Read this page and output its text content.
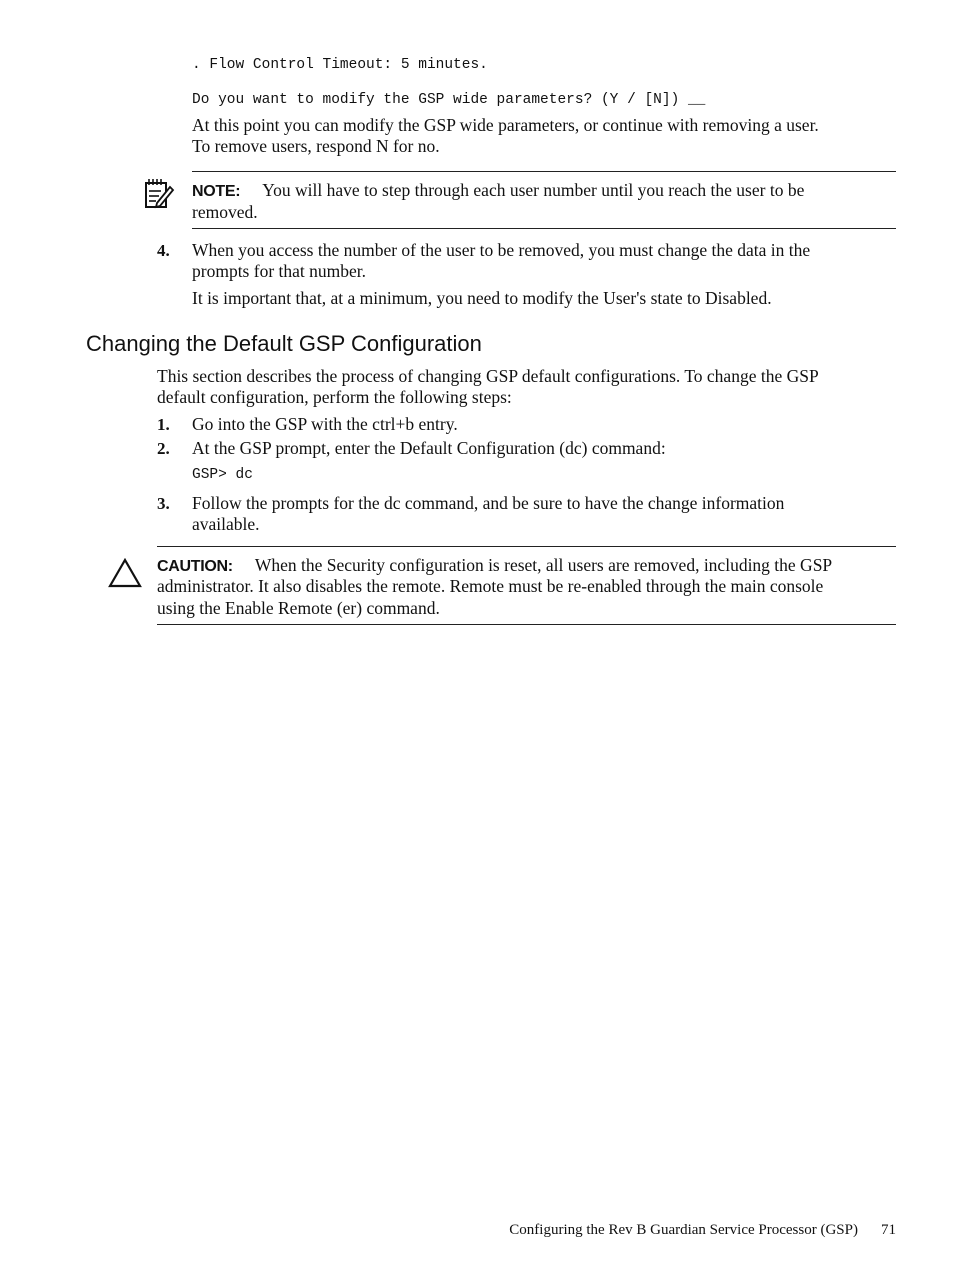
. Flow Control Timeout: 5 minutes.
Do you want to modify the GSP wide parameters? (Y / [N]) __
At this point you can modify the GSP wide parameters, or continue with removing a user.
To remove users, respond N for no.
NOTE: You will have to step through each user number until you reach the user to be
removed.
4. When you access the number of the user to be removed, you must change the data in the
prompts for that number.
It is important that, at a minimum, you need to modify the User's state to Disabled.
Changing the Default GSP Configuration
This section describes the process of changing GSP default configurations. To change the GSP
default configuration, perform the following steps:
1. Go into the GSP with the ctrl+b entry.
2. At the GSP prompt, enter the Default Configuration (dc) command:
GSP> dc
3. Follow the prompts for the dc command, and be sure to have the change information
available.
CAUTION: When the Security configuration is reset, all users are removed, including the GSP
administrator. It also disables the remote. Remote must be re-enabled through the main console
using the Enable Remote (er) command.
Configuring the Rev B Guardian Service Processor (GSP) 71
